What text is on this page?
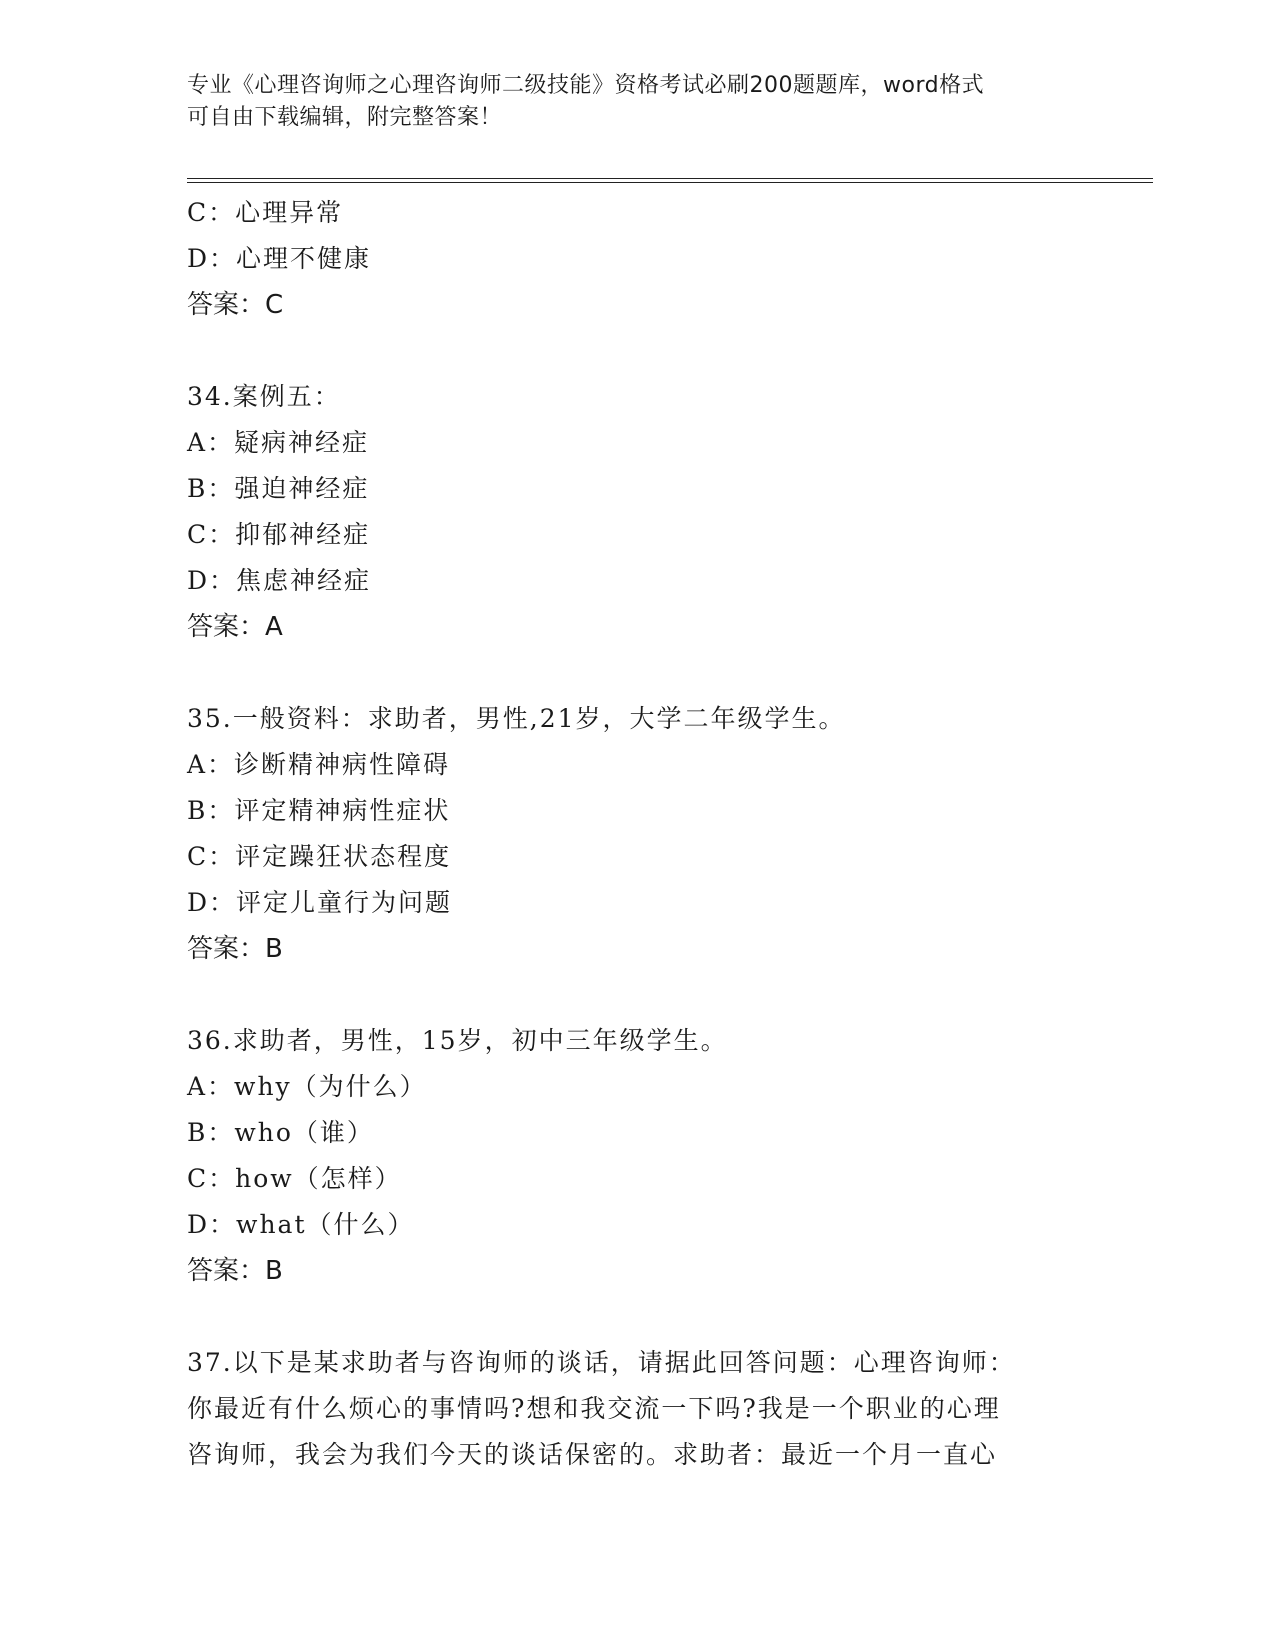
专业《心理咨询师之心理咨询师二级技能》资格考试必刷200题题库，word格式
可自由下载编辑，附完整答案！
C：心理异常
D：心理不健康
答案：C
34.案例五：
A：疑病神经症
B：强迫神经症
C：抑郁神经症
D：焦虑神经症
答案：A
35.一般资料：求助者，男性,21岁，大学二年级学生。
A：诊断精神病性障碍
B：评定精神病性症状
C：评定躁狂状态程度
D：评定儿童行为问题
答案：B
36.求助者，男性，15岁，初中三年级学生。
A：why（为什么）
B：who（谁）
C：how（怎样）
D：what（什么）
答案：B
37.以下是某求助者与咨询师的谈话，请据此回答问题：心理咨询师：
你最近有什么烦心的事情吗?想和我交流一下吗?我是一个职业的心理
咨询师，我会为我们今天的谈话保密的。求助者：最近一个月一直心
